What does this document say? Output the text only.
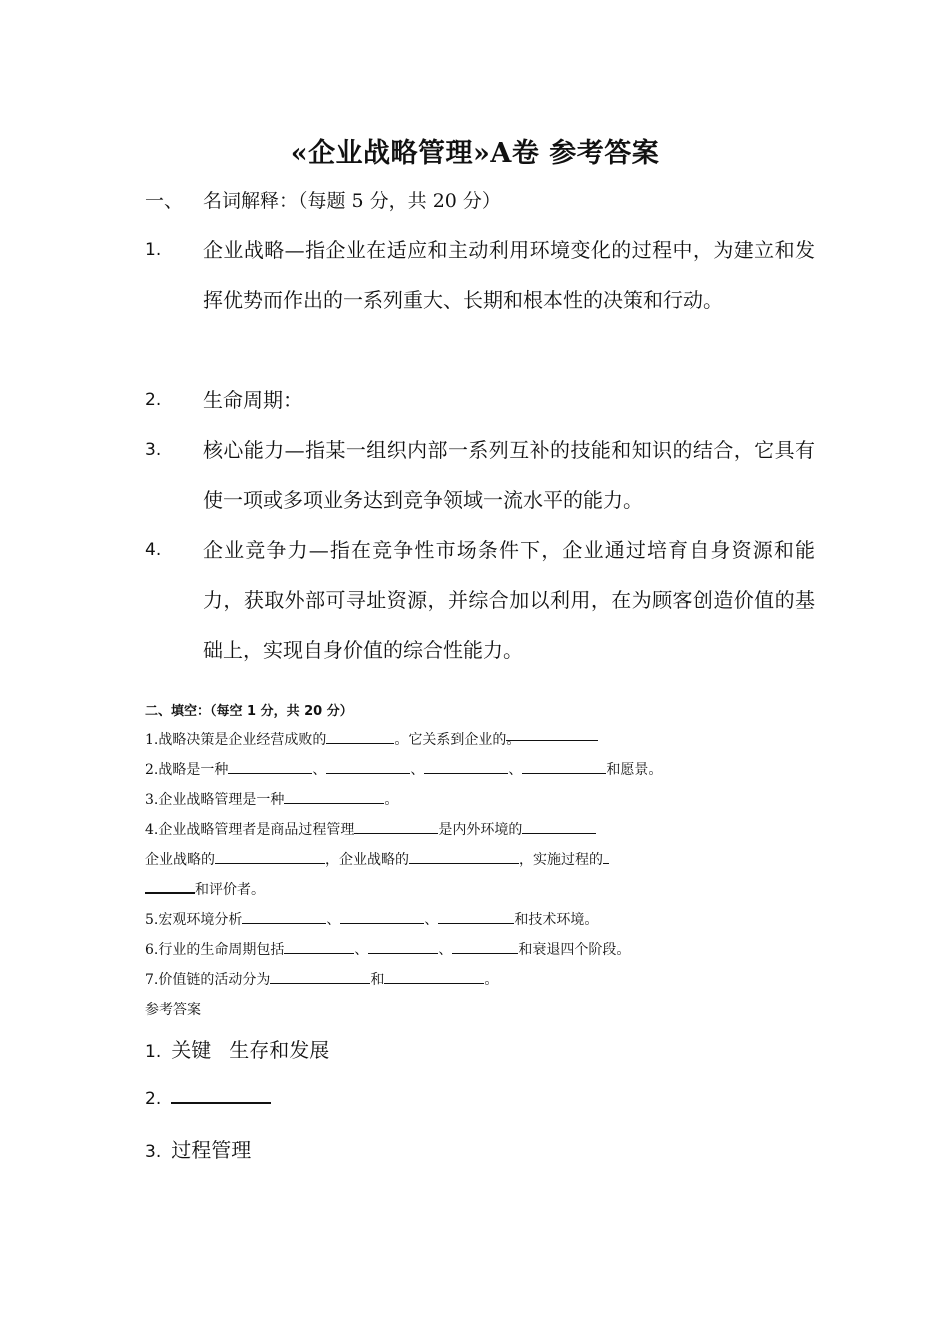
«企业战略管理»A卷 参考答案
一、 名词解释：（每题 5 分，共 20 分）
1. 企业战略—指企业在适应和主动利用环境变化的过程中，为建立和发挥优势而作出的一系列重大、长期和根本性的决策和行动。
2. 生命周期：
3. 核心能力—指某一组织内部一系列互补的技能和知识的结合，它具有使一项或多项业务达到竞争领域一流水平的能力。
4. 企业竞争力—指在竞争性市场条件下，企业通过培育自身资源和能力，获取外部可寻址资源，并综合加以利用，在为顾客创造价值的基础上，实现自身价值的综合性能力。
二、填空：（每空 1 分，共 20 分）
1.战略决策是企业经营成败的	。它关系到企业的。
2.战略是一种	、	、	、	和愿景。
3.企业战略管理是一种	。
4.企业战略管理者是商品过程管理	是内外环境的
企业战略的	，企业战略的	，实施过程的
和评价者。
5.宏观环境分析	、	、	和技术环境。
6.行业的生命周期包括	、	、	和衰退四个阶段。
7.价值链的活动分为	和	。
参考答案
1. 关键 生存和发展
2.
3. 过程管理
